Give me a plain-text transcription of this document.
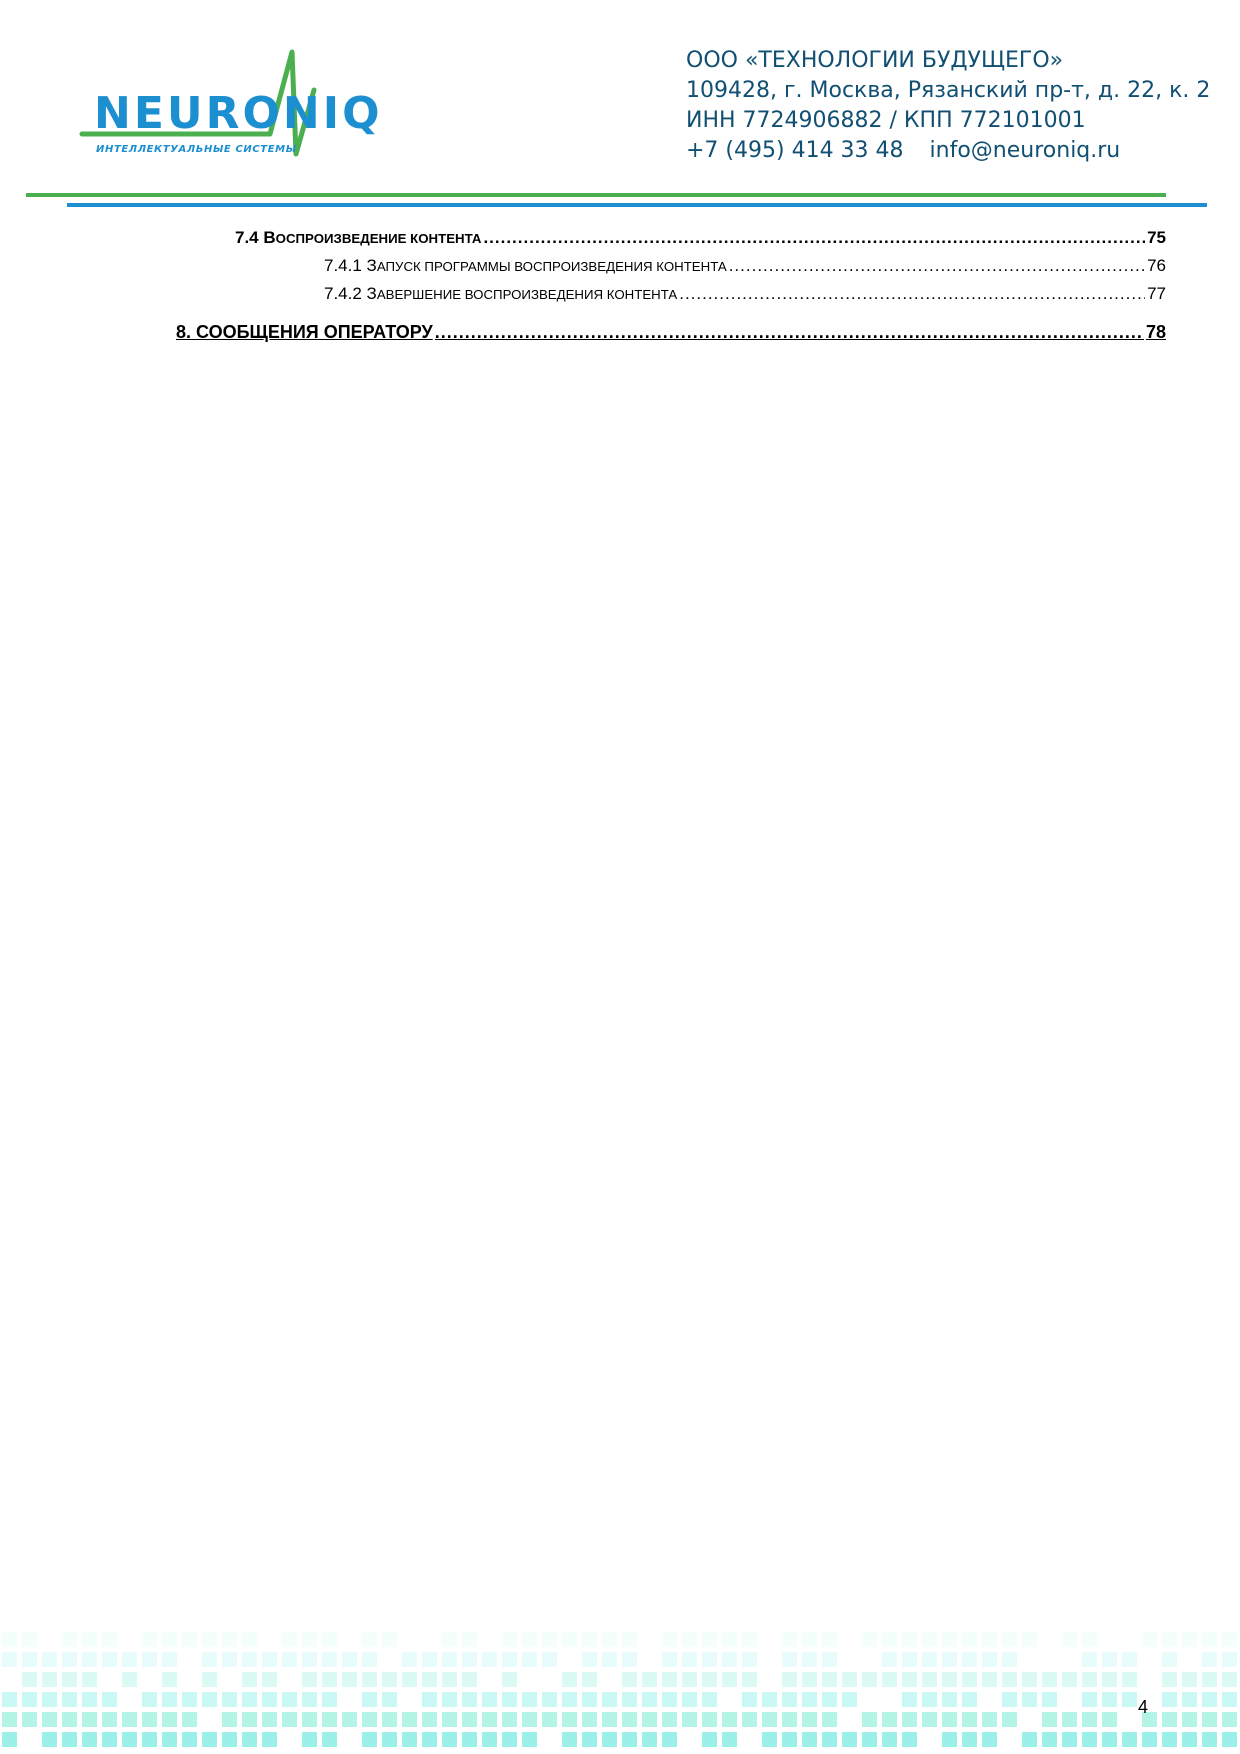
NEURONIQ
ИНТЕЛЛЕКТУАЛЬНЫЕ СИСТЕМЫ
ООО «ТЕХНОЛОГИИ БУДУЩЕГО»
109428, г. Москва, Рязанский пр-т, д. 22, к. 2
ИНН 7724906882 / КПП 772101001
+7 (495) 414 33 48 info@neuroniq.ru
7.4 ВОСПРОИЗВЕДЕНИЕ КОНТЕНТА .....	75
7.4.1 ЗАПУСК ПРОГРАММЫ ВОСПРОИЗВЕДЕНИЯ КОНТЕНТА .....	76
7.4.2 ЗАВЕРШЕНИЕ ВОСПРОИЗВЕДЕНИЯ КОНТЕНТА .....	77
8. СООБЩЕНИЯ ОПЕРАТОРУ .....	78
4
